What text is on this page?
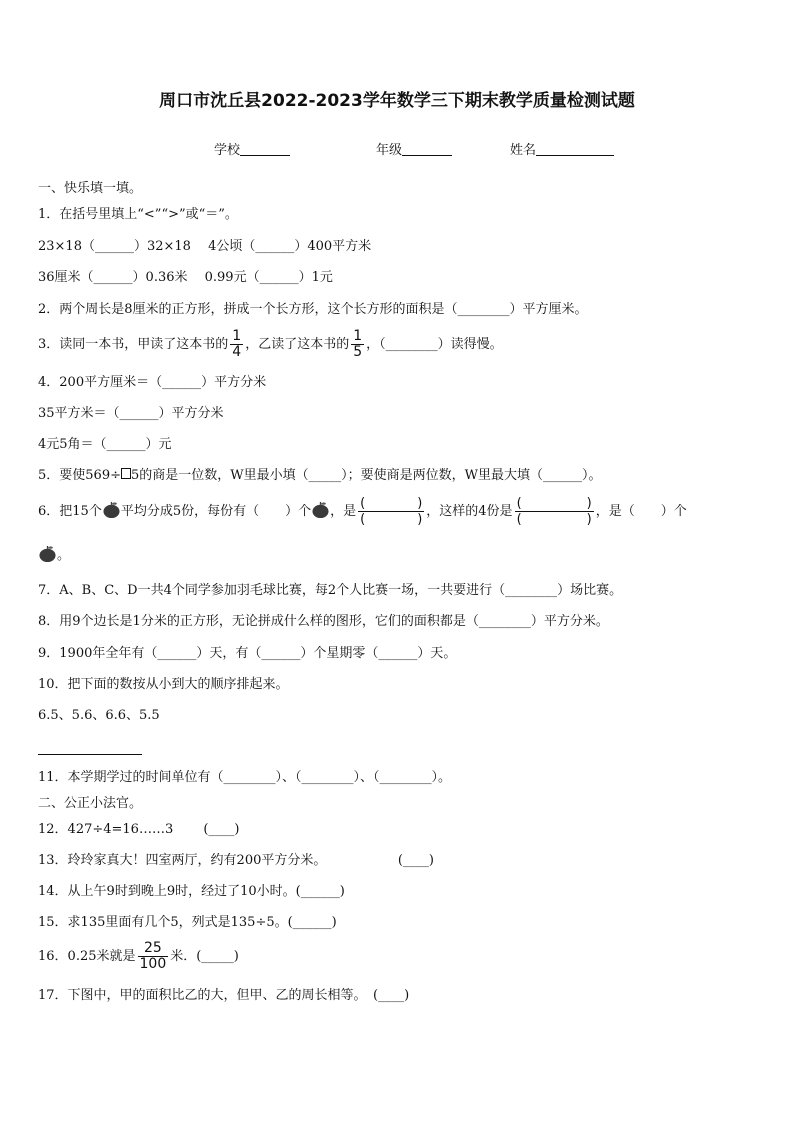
周口市沈丘县2022-2023学年数学三下期末教学质量检测试题
学校	年级	姓名
一、快乐填一填。
1．在括号里填上“<”“>”或“＝”。
23×18（______）32×18　 4公顷（______）400平方米
36厘米（______）0.36米　 0.99元（______）1元
2．两个周长是8厘米的正方形，拼成一个长方形，这个长方形的面积是（________）平方厘米。
3．读同一本书，甲读了这本书的 $\frac{1}{4}$ ，乙读了这本书的 $\frac{1}{5}$ ，（________）读得慢。
4．200平方厘米＝（______）平方分米
35平方米＝（______）平方分米
4元5角＝（______）元
5．要使569÷ 5的商是一位数，W里最小填（_____）；要使商是两位数，W里最大填（______）。
6．把15个 平均分成5份，每份有（　　）个 ，是 $\frac{( )}{( )}$ ，这样的4份是 $\frac{( )}{( )}$ ，是（　　）个
。
7．A、B、C、D一共4个同学参加羽毛球比赛，每2个人比赛一场，一共要进行（________）场比赛。
8．用9个边长是1分米的正方形，无论拼成什么样的图形，它们的面积都是（________）平方分米。
9．1900年全年有（______）天，有（______）个星期零（______）天。
10．把下面的数按从小到大的顺序排起来。
6.5、5.6、6.6、5.5
11．本学期学过的时间单位有（________）、（________）、（________）。
二、公正小法官。
12．427÷4=16……3　　 (____)
13．玲玲家真大！四室两厅，约有200平方分米。　　　　　　(____)
14．从上午9时到晚上9时，经过了10小时。(______)
15．求135里面有几个5，列式是135÷5。(______)
16．0.25米就是 $\frac{25}{100}$ 米．(_____)
17．下图中，甲的面积比乙的大，但甲、乙的周长相等。　(____)
